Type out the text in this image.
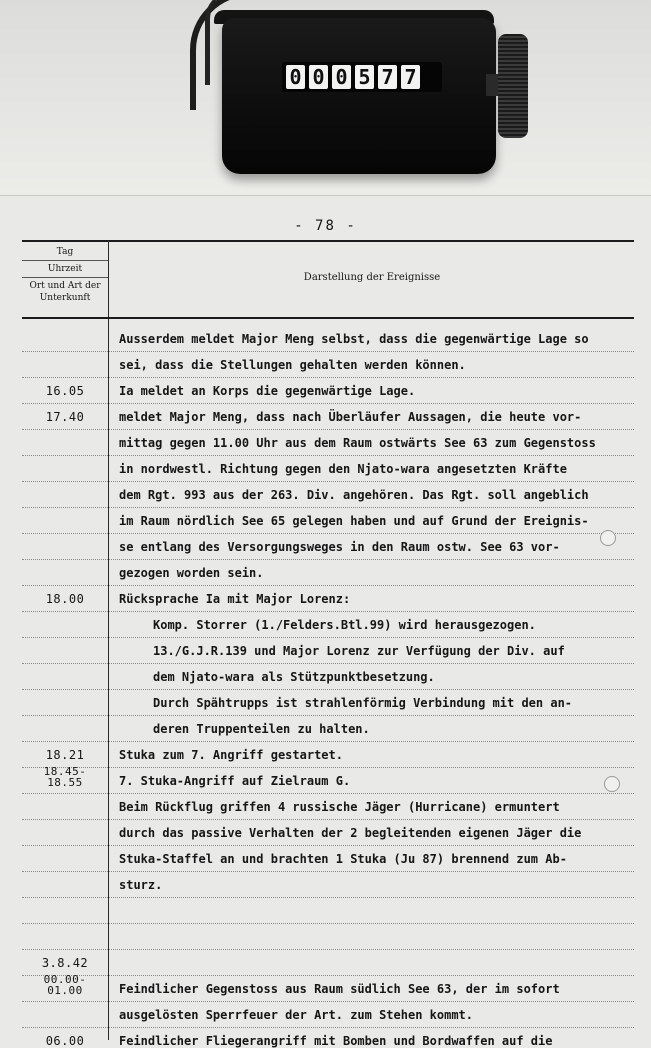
0 0 0 5 7 7
- 78 -
Tag
Uhrzeit
Ort und Art der Unterkunft
Darstellung der Ereignisse
Ausserdem meldet Major Meng selbst, dass die gegenwärtige Lage so
sei, dass die Stellungen gehalten werden können.
16.05	Ia meldet an Korps die gegenwärtige Lage.
17.40	meldet Major Meng, dass nach Überläufer Aussagen, die heute vor-
mittag gegen 11.00 Uhr aus dem Raum ostwärts See 63 zum Gegenstoss
in nordwestl. Richtung gegen den Njato-wara angesetzten Kräfte
dem Rgt. 993 aus der 263. Div. angehören. Das Rgt. soll angeblich
im Raum nördlich See 65 gelegen haben und auf Grund der Ereignis-
se entlang des Versorgungsweges in den Raum ostw. See 63 vor-
gezogen worden sein.
18.00	Rücksprache Ia mit Major Lorenz:
Komp. Storrer (1./Felders.Btl.99) wird herausgezogen.
13./G.J.R.139 und Major Lorenz zur Verfügung der Div. auf
dem Njato-wara als Stützpunktbesetzung.
Durch Spähtrupps ist strahlenförmig Verbindung mit den an-
deren Truppenteilen zu halten.
18.21	Stuka zum 7. Angriff gestartet.
18.45-
18.55	7. Stuka-Angriff auf Zielraum G.
Beim Rückflug griffen 4 russische Jäger (Hurricane) ermuntert
durch das passive Verhalten der 2 begleitenden eigenen Jäger die
Stuka-Staffel an und brachten 1 Stuka (Ju 87) brennend zum Ab-
sturz.
3.8.42
00.00-
01.00	Feindlicher Gegenstoss aus Raum südlich See 63, der im sofort
ausgelösten Sperrfeuer der Art. zum Stehen kommt.
06.00	Feindlicher Fliegerangriff mit Bomben und Bordwaffen auf die
